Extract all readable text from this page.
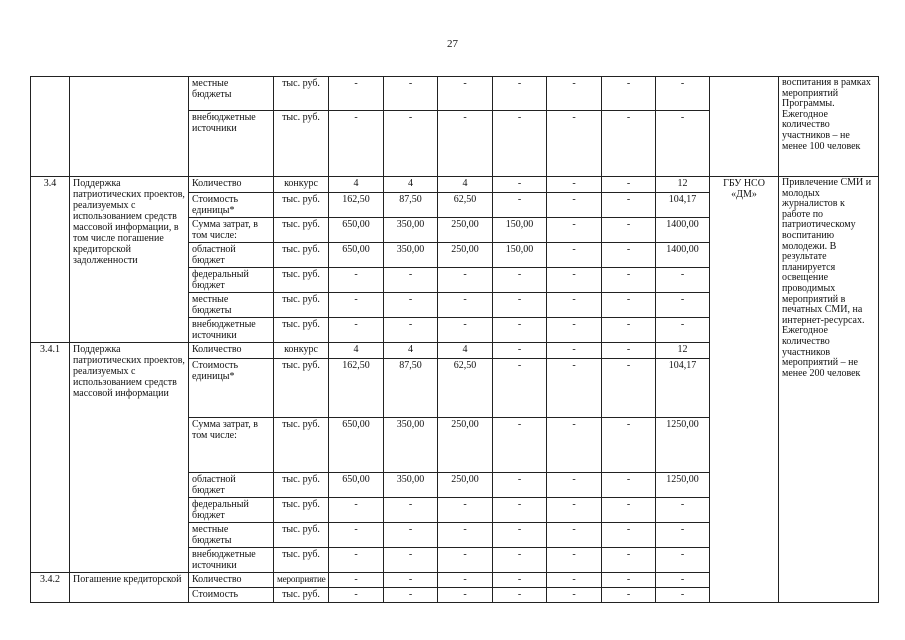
27
		местные бюджеты	тыс. руб.	-	-	-	-	-	-	-		воспитания в рамках мероприятий Программы. Ежегодное количество участников – не менее 100 человек
		внебюджетные источники	тыс. руб.	-	-	-	-	-	-	-		
3.4	Поддержка патриотических проектов, реализуемых с использованием средств массовой информации, в том числе погашение кредиторской задолженности	Количество	конкурс	4	4	4	-	-	-	12	ГБУ НСО «ДМ»	Привлечение СМИ и молодых журналистов к работе по патриотическому воспитанию молодежи. В результате планируется освещение проводимых мероприятий в печатных СМИ, на интернет-ресурсах. Ежегодное количество участников мероприятий – не менее 200 человек
		Стоимость единицы*	тыс. руб.	162,50	87,50	62,50	-	-	-	104,17		
		Сумма затрат, в том числе:	тыс. руб.	650,00	350,00	250,00	150,00	-	-	1400,00		
		областной бюджет	тыс. руб.	650,00	350,00	250,00	150,00	-	-	1400,00		
		федеральный бюджет	тыс. руб.	-	-	-	-	-	-	-		
		местные бюджеты	тыс. руб.	-	-	-	-	-	-	-		
		внебюджетные источники	тыс. руб.	-	-	-	-	-	-	-		
3.4.1	Поддержка патриотических проектов, реализуемых с использованием средств массовой информации	Количество	конкурс	4	4	4	-	-	-	12		
		Стоимость единицы*	тыс. руб.	162,50	87,50	62,50	-	-	-	104,17		
		Сумма затрат, в том числе:	тыс. руб.	650,00	350,00	250,00	-	-	-	1250,00		
		областной бюджет	тыс. руб.	650,00	350,00	250,00	-	-	-	1250,00		
		федеральный бюджет	тыс. руб.	-	-	-	-	-	-	-		
		местные бюджеты	тыс. руб.	-	-	-	-	-	-	-		
		внебюджетные источники	тыс. руб.	-	-	-	-	-	-	-		
3.4.2	Погашение кредиторской	Количество	мероприятие	-	-	-	-	-	-	-		
		Стоимость	тыс. руб.	-	-	-	-	-	-	-		
